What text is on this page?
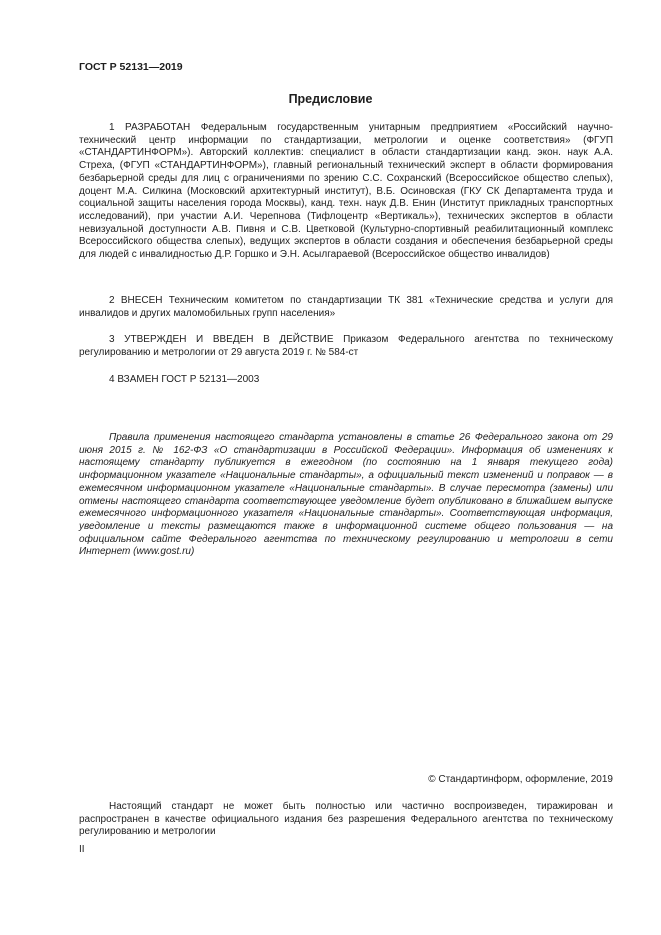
ГОСТ Р 52131—2019
Предисловие

1 РАЗРАБОТАН Федеральным государственным унитарным предприятием «Российский научно-технический центр информации по стандартизации, метрологии и оценке соответствия» (ФГУП «СТАНДАРТИНФОРМ»). Авторский коллектив: специалист в области стандартизации канд. экон. наук А.А. Стреха, (ФГУП «СТАНДАРТИНФОРМ»), главный региональный технический эксперт в области формирования безбарьерной среды для лиц с ограничениями по зрению С.С. Сохранский (Всероссийское общество слепых), доцент М.А. Силкина (Московский архитектурный институт), В.Б. Осиновская (ГКУ СК Департамента труда и социальной защиты населения города Москвы), канд. техн. наук Д.В. Енин (Институт прикладных транспортных исследований), при участии А.И. Черепнова (Тифлоцентр «Вертикаль»), технических экспертов в области невизуальной доступности А.В. Пивня и С.В. Цветковой (Культурно-спортивный реабилитационный комплекс Всероссийского общества слепых), ведущих экспертов в области создания и обеспечения безбарьерной среды для людей с инвалидностью Д.Р. Горшко и Э.Н. Асылгараевой (Всероссийское общество инвалидов)

2 ВНЕСЕН Техническим комитетом по стандартизации ТК 381 «Технические средства и услуги для инвалидов и других маломобильных групп населения»

3 УТВЕРЖДЕН И ВВЕДЕН В ДЕЙСТВИЕ Приказом Федерального агентства по техническому регулированию и метрологии от 29 августа 2019 г. № 584-ст

4 ВЗАМЕН ГОСТ Р 52131—2003

Правила применения настоящего стандарта установлены в статье 26 Федерального закона от 29 июня 2015 г. № 162-ФЗ «О стандартизации в Российской Федерации». Информация об изменениях к настоящему стандарту публикуется в ежегодном (по состоянию на 1 января текущего года) информационном указателе «Национальные стандарты», а официальный текст изменений и поправок — в ежемесячном информационном указателе «Национальные стандарты». В случае пересмотра (замены) или отмены настоящего стандарта соответствующее уведомление будет опубликовано в ближайшем выпуске ежемесячного информационного указателя «Национальные стандарты». Соответствующая информация, уведомление и тексты размещаются также в информационной системе общего пользования — на официальном сайте Федерального агентства по техническому регулированию и метрологии в сети Интернет (www.gost.ru)

© Стандартинформ, оформление, 2019

Настоящий стандарт не может быть полностью или частично воспроизведен, тиражирован и распространен в качестве официального издания без разрешения Федерального агентства по техническому регулированию и метрологии

II
